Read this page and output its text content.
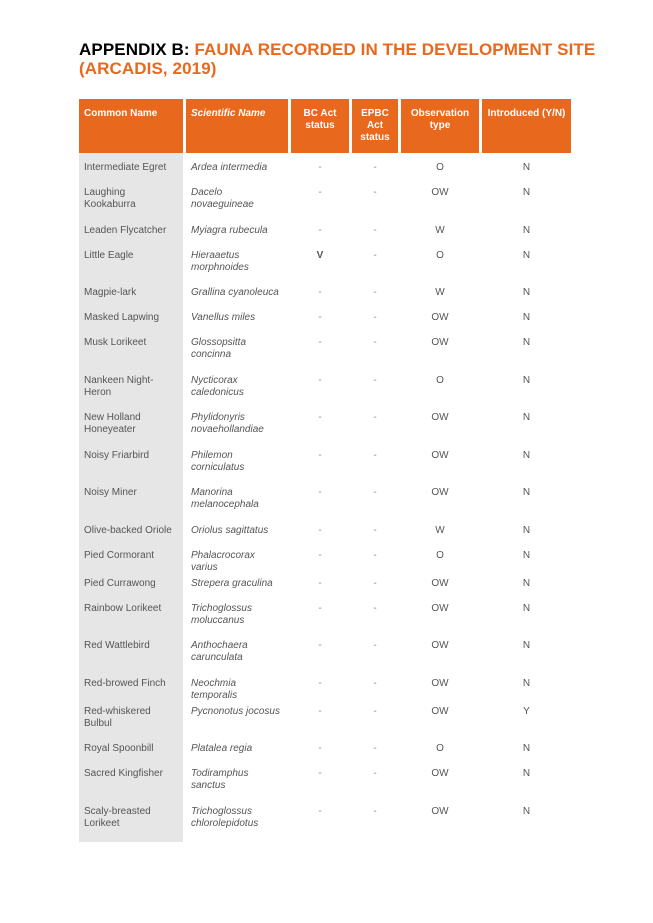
APPENDIX B: FAUNA RECORDED IN THE DEVELOPMENT SITE (ARCADIS, 2019)
Common Name	Scientific Name	BC Act status	EPBC Act status	Observation type	Introduced (Y/N)

Intermediate Egret	Ardea intermedia	-	-	O	N
Laughing Kookaburra	Dacelo novaeguineae	-	-	OW	N
Leaden Flycatcher	Myiagra rubecula	-	-	W	N
Little Eagle	Hieraaetus morphnoides	V	-	O	N
Magpie-lark	Grallina cyanoleuca	-	-	W	N
Masked Lapwing	Vanellus miles	-	-	OW	N
Musk Lorikeet	Glossopsitta concinna	-	-	OW	N
Nankeen Night-Heron	Nycticorax caledonicus	-	-	O	N
New Holland Honeyeater	Phylidonyris novaehollandiae	-	-	OW	N
Noisy Friarbird	Philemon corniculatus	-	-	OW	N
Noisy Miner	Manorina melanocephala	-	-	OW	N
Olive-backed Oriole	Oriolus sagittatus	-	-	W	N
Pied Cormorant	Phalacrocorax varius	-	-	O	N
Pied Currawong	Strepera graculina	-	-	OW	N
Rainbow Lorikeet	Trichoglossus moluccanus	-	-	OW	N
Red Wattlebird	Anthochaera carunculata	-	-	OW	N
Red-browed Finch	Neochmia temporalis	-	-	OW	N
Red-whiskered Bulbul	Pycnonotus jocosus	-	-	OW	Y
Royal Spoonbill	Platalea regia	-	-	O	N
Sacred Kingfisher	Todiramphus sanctus	-	-	OW	N
Scaly-breasted Lorikeet	Trichoglossus chlorolepidotus	-	-	OW	N
